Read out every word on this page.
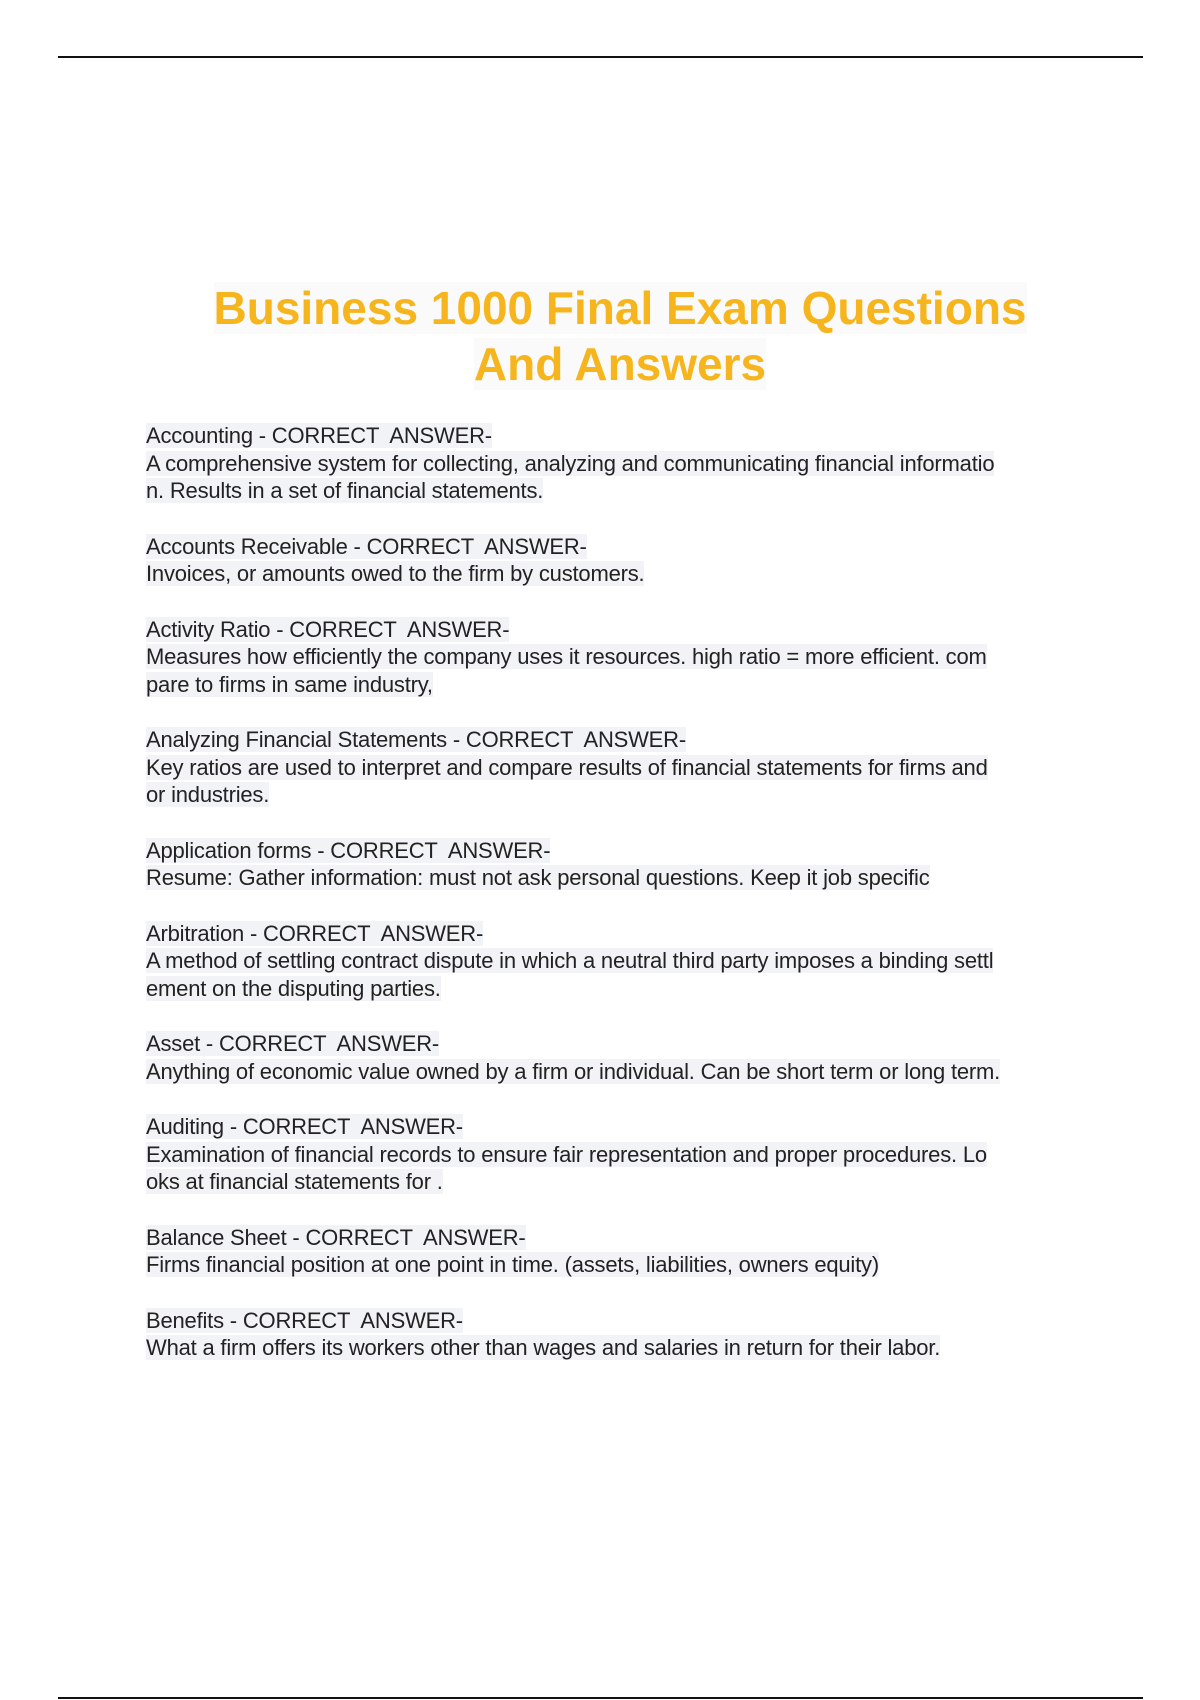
Business 1000 Final Exam Questions
And Answers
Accounting - CORRECT  ANSWER-
A comprehensive system for collecting, analyzing and communicating financial informatio
n. Results in a set of financial statements.
Accounts Receivable - CORRECT  ANSWER-
Invoices, or amounts owed to the firm by customers.
Activity Ratio - CORRECT  ANSWER-
Measures how efficiently the company uses it resources. high ratio = more efficient. com
pare to firms in same industry,
Analyzing Financial Statements - CORRECT  ANSWER-
Key ratios are used to interpret and compare results of financial statements for firms and
or industries.
Application forms - CORRECT  ANSWER-
Resume: Gather information: must not ask personal questions. Keep it job specific
Arbitration - CORRECT  ANSWER-
A method of settling contract dispute in which a neutral third party imposes a binding settl
ement on the disputing parties.
Asset - CORRECT  ANSWER-
Anything of economic value owned by a firm or individual. Can be short term or long term.
Auditing - CORRECT  ANSWER-
Examination of financial records to ensure fair representation and proper procedures. Lo
oks at financial statements for .
Balance Sheet - CORRECT  ANSWER-
Firms financial position at one point in time. (assets, liabilities, owners equity)
Benefits - CORRECT  ANSWER-
What a firm offers its workers other than wages and salaries in return for their labor.
